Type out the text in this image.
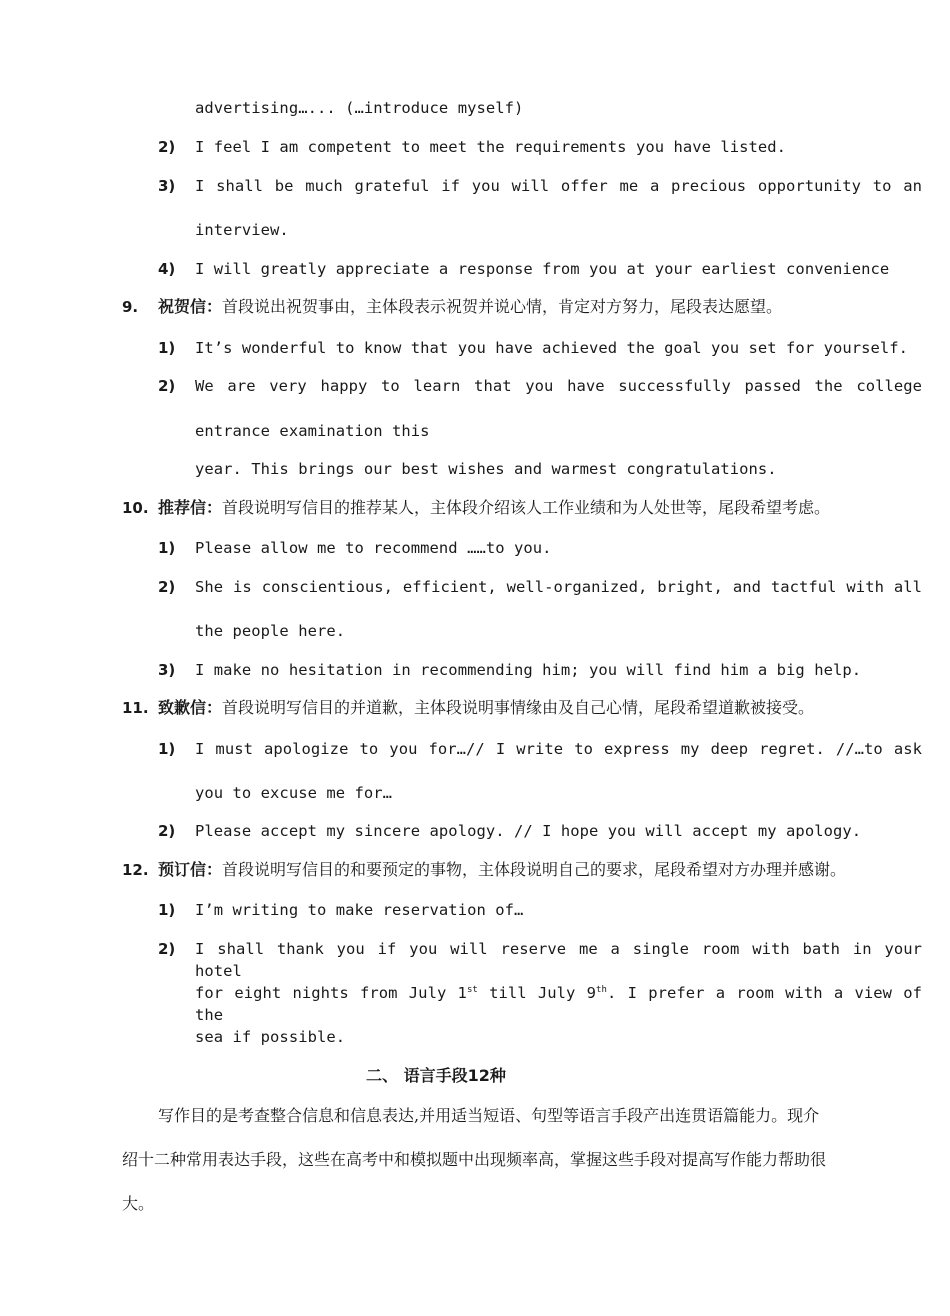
advertising…... (…introduce myself)
2) I feel I am competent to meet the requirements you have listed.
3) I shall be much grateful if you will offer me a precious opportunity to an
interview.
4) I will greatly appreciate a response from you at your earliest convenience
9. 祝贺信：首段说出祝贺事由，主体段表示祝贺并说心情，肯定对方努力，尾段表达愿望。
1) It’s wonderful to know that you have achieved the goal you set for yourself.
2) We are very happy to learn that you have successfully passed the college
entrance examination this
year. This brings our best wishes and warmest congratulations.
10. 推荐信：首段说明写信目的推荐某人，主体段介绍该人工作业绩和为人处世等，尾段希望考虑。
1) Please allow me to recommend ……to you.
2) She is conscientious, efficient, well-organized, bright, and tactful with all
the people here.
3) I make no hesitation in recommending him; you will find him a big help.
11. 致歉信：首段说明写信目的并道歉，主体段说明事情缘由及自己心情，尾段希望道歉被接受。
1) I must apologize to you for…// I write to express my deep regret. //…to ask
you to excuse me for…
2) Please accept my sincere apology. // I hope you will accept my apology.
12. 预订信：首段说明写信目的和要预定的事物，主体段说明自己的要求，尾段希望对方办理并感谢。
1) I’m writing to make reservation of…
2) I shall thank you if you will reserve me a single room with bath in your hotel
for eight nights from July 1st till July 9th. I prefer a room with a view of the
sea if possible.
二、 语言手段12种
写作目的是考查整合信息和信息表达,并用适当短语、句型等语言手段产出连贯语篇能力。现介
绍十二种常用表达手段，这些在高考中和模拟题中出现频率高，掌握这些手段对提高写作能力帮助很
大。
